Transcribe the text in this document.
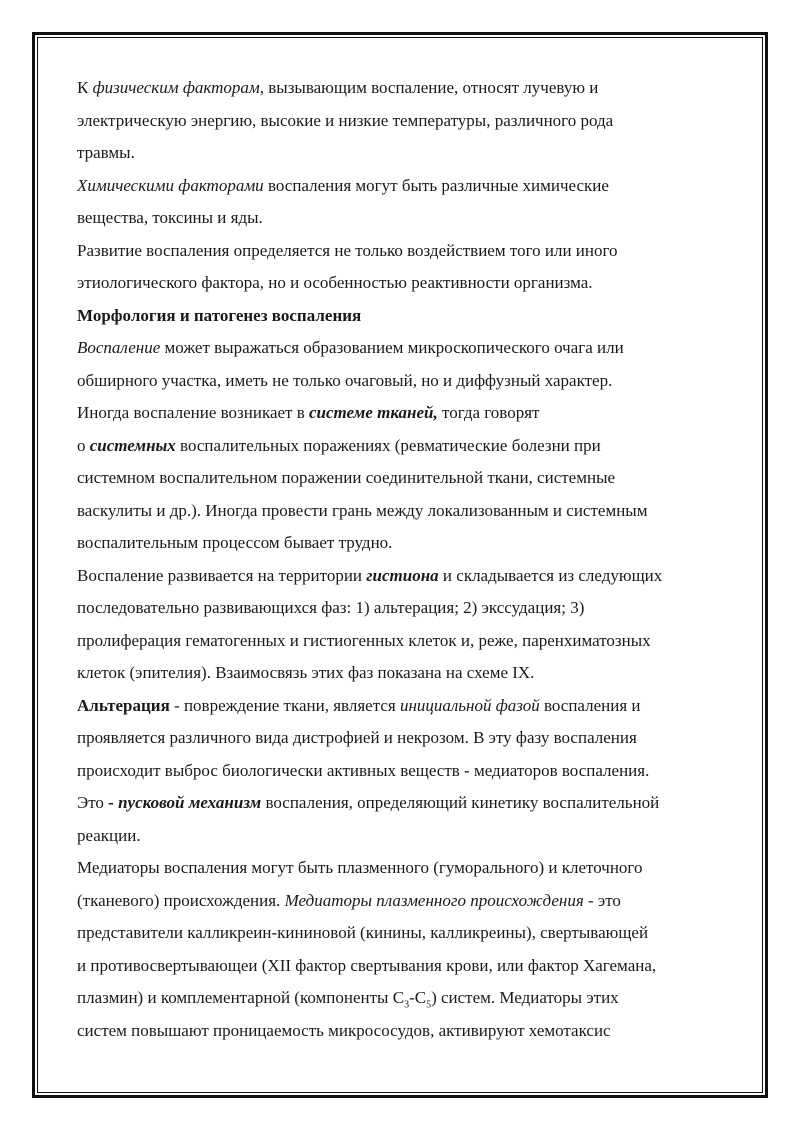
К физическим факторам, вызывающим воспаление, относят лучевую и
электрическую энергию, высокие и низкие температуры, различного рода
травмы.

Химическими факторами воспаления могут быть различные химические
вещества, токсины и яды.

Развитие воспаления определяется не только воздействием того или иного
этиологического фактора, но и особенностью реактивности организма.

Морфология и патогенез воспаления

Воспаление может выражаться образованием микроскопического очага или
обширного участка, иметь не только очаговый, но и диффузный характер.

Иногда воспаление возникает в системе тканей, тогда говорят
о системных воспалительных поражениях (ревматические болезни при
системном воспалительном поражении соединительной ткани, системные
васкулиты и др.). Иногда провести грань между локализованным и системным
воспалительным процессом бывает трудно.

Воспаление развивается на территории гистиона и складывается из следующих
последовательно развивающихся фаз: 1) альтерация; 2) экссудация; 3)
пролиферация гематогенных и гистиогенных клеток и, реже, паренхиматозных
клеток (эпителия). Взаимосвязь этих фаз показана на схеме IX.

Альтерация - повреждение ткани, является инициальной фазой воспаления и
проявляется различного вида дистрофией и некрозом. В эту фазу воспаления
происходит выброс биологически активных веществ - медиаторов воспаления.
Это - пусковой механизм воспаления, определяющий кинетику воспалительной
реакции.

Медиаторы воспаления могут быть плазменного (гуморального) и клеточного
(тканевого) происхождения. Медиаторы плазменного происхождения - это
представители калликреин-кининовой (кинины, калликреины), свертывающей
и противосвертывающеи (XII фактор свертывания крови, или фактор Хагемана,
плазмин) и комплементарной (компоненты $С_3-С_5$) систем. Медиаторы этих
систем повышают проницаемость микрососудов, активируют хемотаксис
